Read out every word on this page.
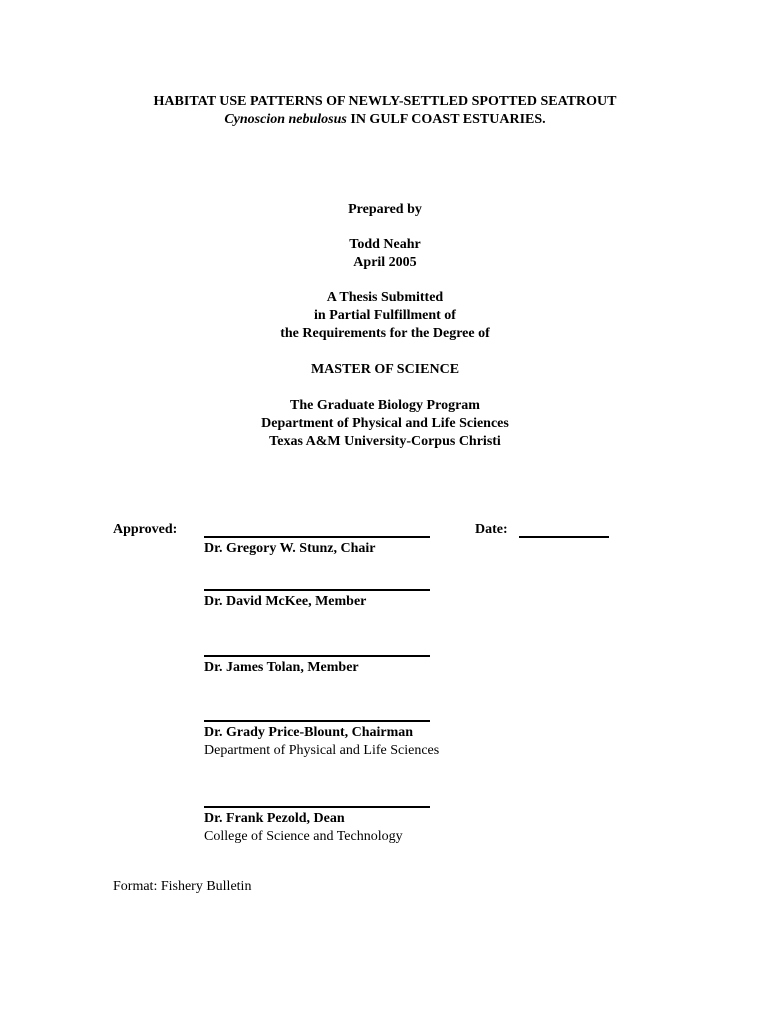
HABITAT USE PATTERNS OF NEWLY-SETTLED SPOTTED SEATROUT
Cynoscion nebulosus IN GULF COAST ESTUARIES.
Prepared by
Todd Neahr
April 2005
A Thesis Submitted
in Partial Fulfillment of
the Requirements for the Degree of
MASTER OF SCIENCE
The Graduate Biology Program
Department of Physical and Life Sciences
Texas A&M University-Corpus Christi
Approved:	Date:
Dr. Gregory W. Stunz, Chair
Dr. David McKee, Member
Dr. James Tolan, Member
Dr. Grady Price-Blount, Chairman
Department of Physical and Life Sciences
Dr. Frank Pezold, Dean
College of Science and Technology
Format: Fishery Bulletin
